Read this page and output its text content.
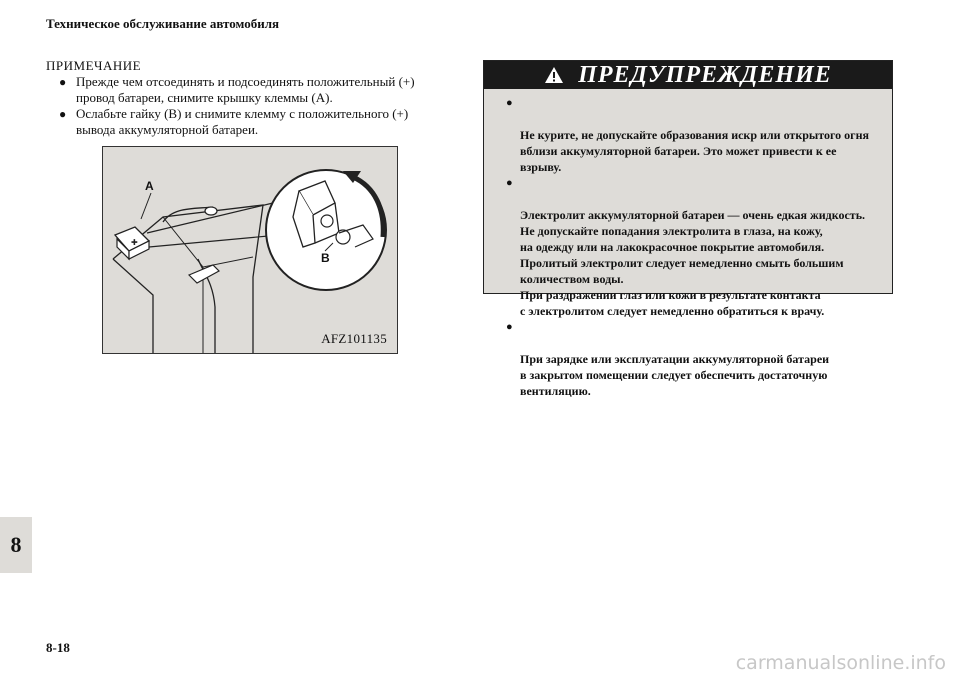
Техническое обслуживание автомобиля
ПРИМЕЧАНИЕ
● Прежде чем отсоединять и подсоединять положительный (+) провод батареи, снимите крышку клеммы (A).
● Ослабьте гайку (B) и снимите клемму с положительного (+) вывода аккумуляторной батареи.
✚
A
B
AFZ101135
ПРЕДУПРЕЖДЕНИЕ

●

Не курите, не допускайте образования искр или открытого огня
вблизи аккумуляторной батареи. Это может привести к ее
взрыву.

●

Электролит аккумуляторной батареи — очень едкая жидкость.
Не допускайте попадания электролита в глаза, на кожу,
на одежду или на лакокрасочное покрытие автомобиля.
Пролитый электролит следует немедленно смыть большим
количеством воды.
При раздражении глаз или кожи в результате контакта
с электролитом следует немедленно обратиться к врачу.

●

При зарядке или эксплуатации аккумуляторной батареи
в закрытом помещении следует обеспечить достаточную
вентиляцию.

8
8-18
carmanualsonline.info
